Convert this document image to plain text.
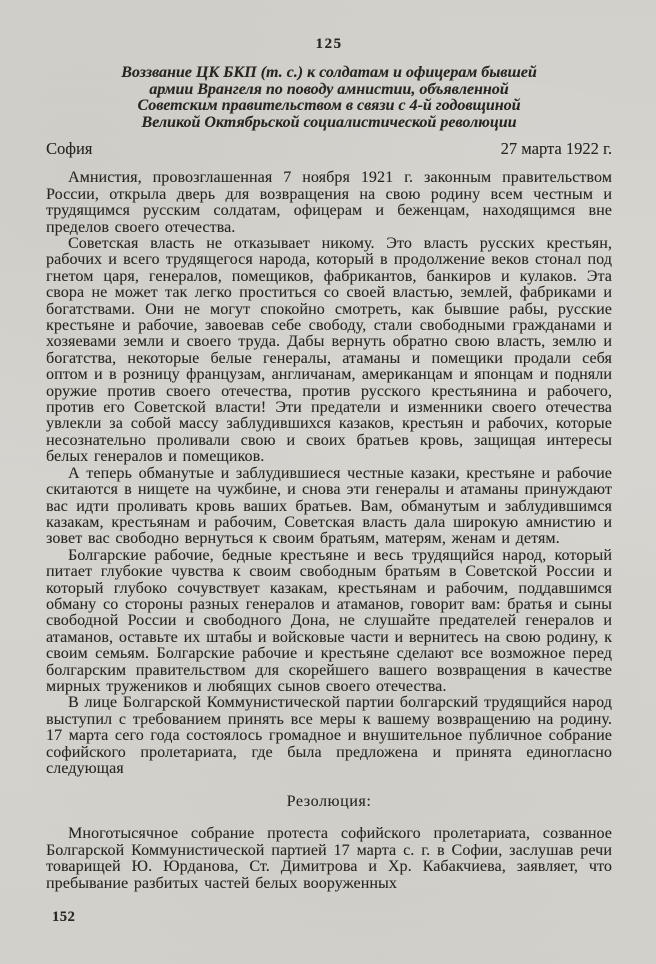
125
Воззвание ЦК БКП (т. с.) к солдатам и офицерам бывшей
армии Врангеля по поводу амнистии, объявленной
Советским правительством в связи с 4-й годовщиной
Великой Октябрьской социалистической революции
София	27 марта 1922 г.

Амнистия, провозглашенная 7 ноября 1921 г. законным правительством России, открыла дверь для возвращения на свою родину всем честным и трудящимся русским солдатам, офицерам и беженцам, находящимся вне пределов своего отечества.

Советская власть не отказывает никому. Это власть русских крестьян, рабочих и всего трудящегося народа, который в продолжение веков стонал под гнетом царя, генералов, помещиков, фабрикантов, банкиров и кулаков. Эта свора не может так легко проститься со своей властью, землей, фабриками и богатствами. Они не могут спокойно смотреть, как бывшие рабы, русские крестьяне и рабочие, завоевав себе свободу, стали свободными гражданами и хозяевами земли и своего труда. Дабы вернуть обратно свою власть, землю и богатства, некоторые белые генералы, атаманы и помещики продали себя оптом и в розницу французам, англичанам, американцам и японцам и подняли оружие против своего отечества, против русского крестьянина и рабочего, против его Советской власти! Эти предатели и изменники своего отечества увлекли за собой массу заблудившихся казаков, крестьян и рабочих, которые несознательно проливали свою и своих братьев кровь, защищая интересы белых генералов и помещиков.

А теперь обманутые и заблудившиеся честные казаки, крестьяне и рабочие скитаются в нищете на чужбине, и снова эти генералы и атаманы принуждают вас идти проливать кровь ваших братьев. Вам, обманутым и заблудившимся казакам, крестьянам и рабочим, Советская власть дала широкую амнистию и зовет вас свободно вернуться к своим братьям, матерям, женам и детям.

Болгарские рабочие, бедные крестьяне и весь трудящийся народ, который питает глубокие чувства к своим свободным братьям в Советской России и который глубоко сочувствует казакам, крестьянам и рабочим, поддавшимся обману со стороны разных генералов и атаманов, говорит вам: братья и сыны свободной России и свободного Дона, не слушайте предателей генералов и атаманов, оставьте их штабы и войсковые части и вернитесь на свою родину, к своим семьям. Болгарские рабочие и крестьяне сделают все возможное перед болгарским правительством для скорейшего вашего возвращения в качестве мирных тружеников и любящих сынов своего отечества.

В лице Болгарской Коммунистической партии болгарский трудящийся народ выступил с требованием принять все меры к вашему возвращению на родину. 17 марта сего года состоялось громадное и внушительное публичное собрание софийского пролетариата, где была предложена и принята единогласно следующая

Резолюция:

Многотысячное собрание протеста софийского пролетариата, созванное Болгарской Коммунистической партией 17 марта с. г. в Софии, заслушав речи товарищей Ю. Юрданова, Ст. Димитрова и Хр. Кабакчиева, заявляет, что пребывание разбитых частей белых вооруженных

152
